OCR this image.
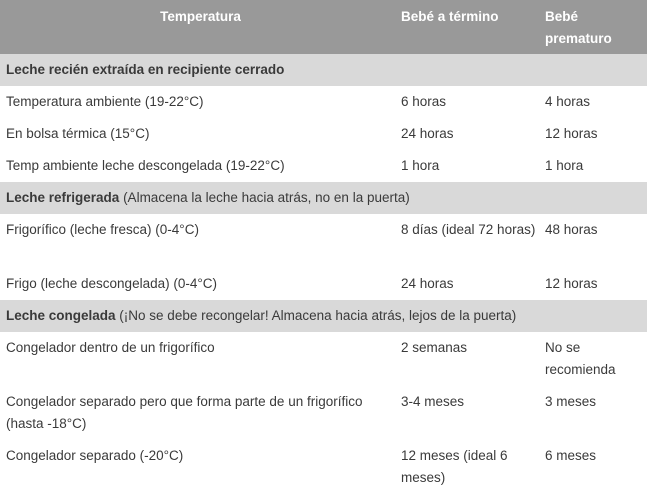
Temperatura	Bebé a término	Bebé prematuro
Leche recién extraída en recipiente cerrado		
Temperatura ambiente (19-22°C)	6 horas	4 horas
En bolsa térmica (15°C)	24 horas	12 horas
Temp ambiente leche descongelada (19-22°C)	1 hora	1 hora
Leche refrigerada (Almacena la leche hacia atrás, no en la puerta)		
Frigorífico (leche fresca) (0-4°C)	8 días (ideal 72 horas)	48 horas
Frigo (leche descongelada) (0-4°C)	24 horas	12 horas
Leche congelada (¡No se debe recongelar! Almacena hacia atrás, lejos de la puerta)		
Congelador dentro de un frigorífico	2 semanas	No se recomienda
Congelador separado pero que forma parte de un frigorífico (hasta -18°C)	3-4 meses	3 meses
Congelador separado (-20°C)	12 meses (ideal 6 meses)	6 meses
